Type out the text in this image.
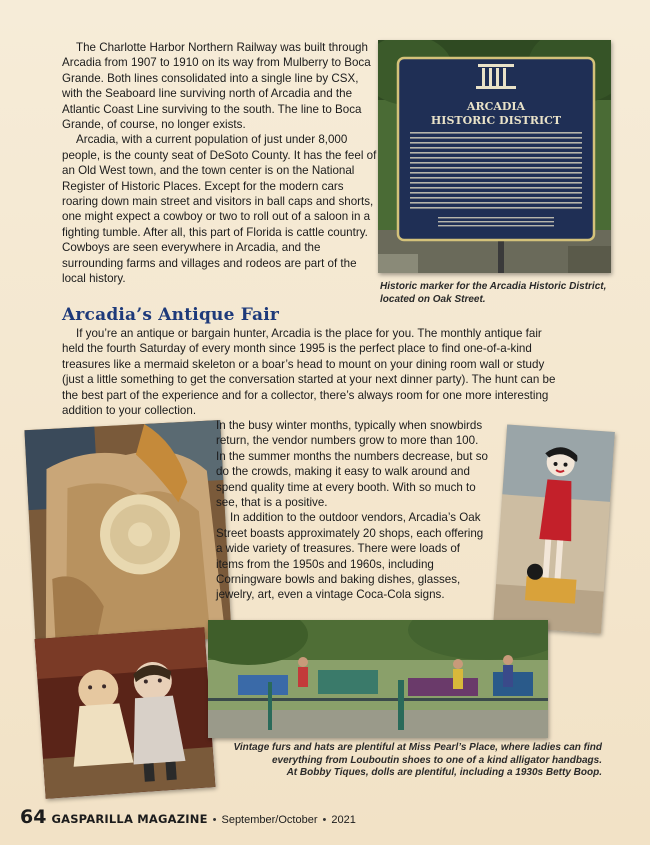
The Charlotte Harbor Northern Railway was built through Arcadia from 1907 to 1910 on its way from Mulberry to Boca Grande. Both lines consolidated into a single line by CSX, with the Seaboard line surviving north of Arcadia and the Atlantic Coast Line surviving to the south. The line to Boca Grande, of course, no longer exists.

Arcadia, with a current population of just under 8,000 people, is the county seat of DeSoto County. It has the feel of an Old West town, and the town center is on the National Register of Historic Places. Except for the modern cars roaring down main street and visitors in ball caps and shorts, one might expect a cowboy or two to roll out of a saloon in a fighting tumble. After all, this part of Florida is cattle country. Cowboys are seen everywhere in Arcadia, and the surrounding farms and villages and rodeos are part of the local history.

ARCADIA
HISTORIC DISTRICT
Historic marker for the Arcadia Historic District, located on Oak Street.
Arcadia’s Antique Fair

If you’re an antique or bargain hunter, Arcadia is the place for you. The monthly antique fair held the fourth Saturday of every month since 1995 is the perfect place to find one-of-a-kind treasures like a mermaid skeleton or a boar’s head to mount on your dining room wall or study (just a little something to get the conversation started at your next dinner party). The hunt can be the best part of the experience and for a collector, there’s always room for one more interesting addition to your collection.

In the busy winter months, typically when snowbirds return, the vendor numbers grow to more than 100. In the summer months the numbers decrease, but so do the crowds, making it easy to walk around and spend quality time at every booth. With so much to see, that is a positive.

In addition to the outdoor vendors, Arcadia’s Oak Street boasts approximately 20 shops, each offering a wide variety of treasures. There were loads of items from the 1950s and 1960s, including Corningware bowls and baking dishes, glasses, jewelry, art, even a vintage Coca-Cola signs.

Vintage furs and hats are plentiful at Miss Pearl’s Place, where ladies can find
everything from Louboutin shoes to one of a kind alligator handbags.
At Bobby Tiques, dolls are plentiful, including a 1930s Betty Boop.
64 GASPARILLA MAGAZINE • September/October • 2021
